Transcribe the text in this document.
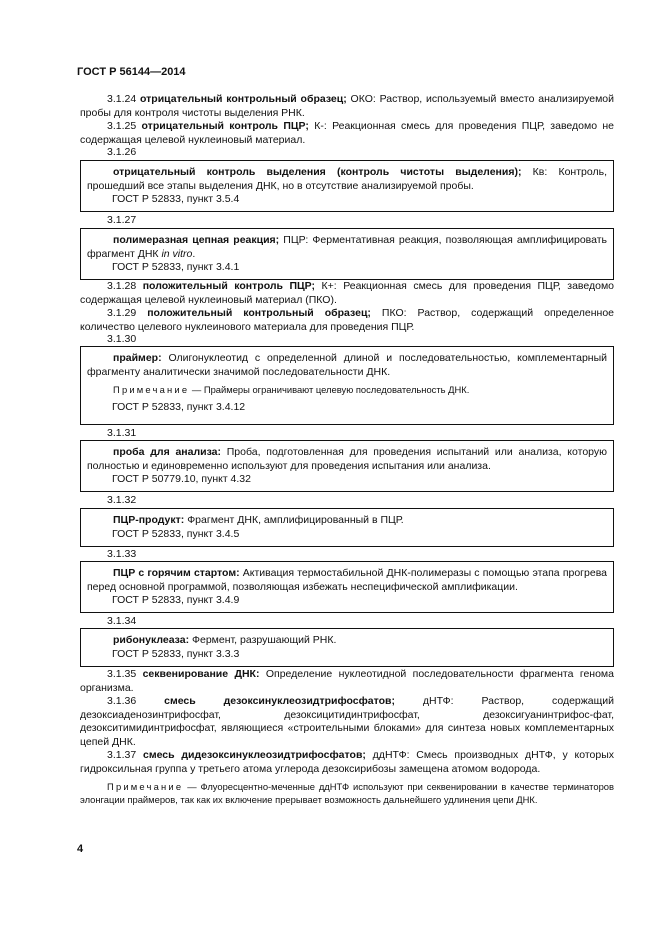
ГОСТ Р 56144—2014
3.1.24 отрицательный контрольный образец; ОКО: Раствор, используемый вместо анализируемой пробы для контроля чистоты выделения РНК.
3.1.25 отрицательный контроль ПЦР; К-: Реакционная смесь для проведения ПЦР, заведомо не содержащая целевой нуклеиновый материал.
3.1.26
отрицательный контроль выделения (контроль чистоты выделения); Кв: Контроль, прошедший все этапы выделения ДНК, но в отсутствие анализируемой пробы.
ГОСТ Р 52833, пункт 3.5.4
3.1.27
полимеразная цепная реакция; ПЦР: Ферментативная реакция, позволяющая амплифицировать фрагмент ДНК in vitro.
ГОСТ Р 52833, пункт 3.4.1
3.1.28 положительный контроль ПЦР; К+: Реакционная смесь для проведения ПЦР, заведомо содержащая целевой нуклеиновый материал (ПКО).
3.1.29 положительный контрольный образец; ПКО: Раствор, содержащий определенное количество целевого нуклеинового материала для проведения ПЦР.
3.1.30
праймер: Олигонуклеотид с определенной длиной и последовательностью, комплементарный фрагменту аналитически значимой последовательности ДНК.
Примечание — Праймеры ограничивают целевую последовательность ДНК.
ГОСТ Р 52833, пункт 3.4.12
3.1.31
проба для анализа: Проба, подготовленная для проведения испытаний или анализа, которую полностью и единовременно используют для проведения испытания или анализа.
ГОСТ Р 50779.10, пункт 4.32
3.1.32
ПЦР-продукт: Фрагмент ДНК, амплифицированный в ПЦР.
ГОСТ Р 52833, пункт 3.4.5
3.1.33
ПЦР с горячим стартом: Активация термостабильной ДНК-полимеразы с помощью этапа прогрева перед основной программой, позволяющая избежать неспецифической амплификации.
ГОСТ Р 52833, пункт 3.4.9
3.1.34
рибонуклеаза: Фермент, разрушающий РНК.
ГОСТ Р 52833, пункт 3.3.3
3.1.35 секвенирование ДНК: Определение нуклеотидной последовательности фрагмента генома организма.
3.1.36	смесь дезоксинуклеозидтрифосфатов; дНТФ: Раствор, содержащий дезоксиаденозинтрифосфат, дезоксицитидинтрифосфат, дезоксигуанинтрифос-фат, дезокситимидинтрифосфат, являющиеся «строительными блоками» для синтеза новых комплементарных цепей ДНК.
3.1.37 смесь дидезоксинуклеозидтрифосфатов; ддНТФ: Смесь производных дНТФ, у которых гидроксильная группа у третьего атома углерода дезоксирибозы замещена атомом водорода.
Примечание — Флуоресцентно-меченные ддНТФ используют при секвенировании в качестве терминаторов элонгации праймеров, так как их включение прерывает возможность дальнейшего удлинения цепи ДНК.
4
